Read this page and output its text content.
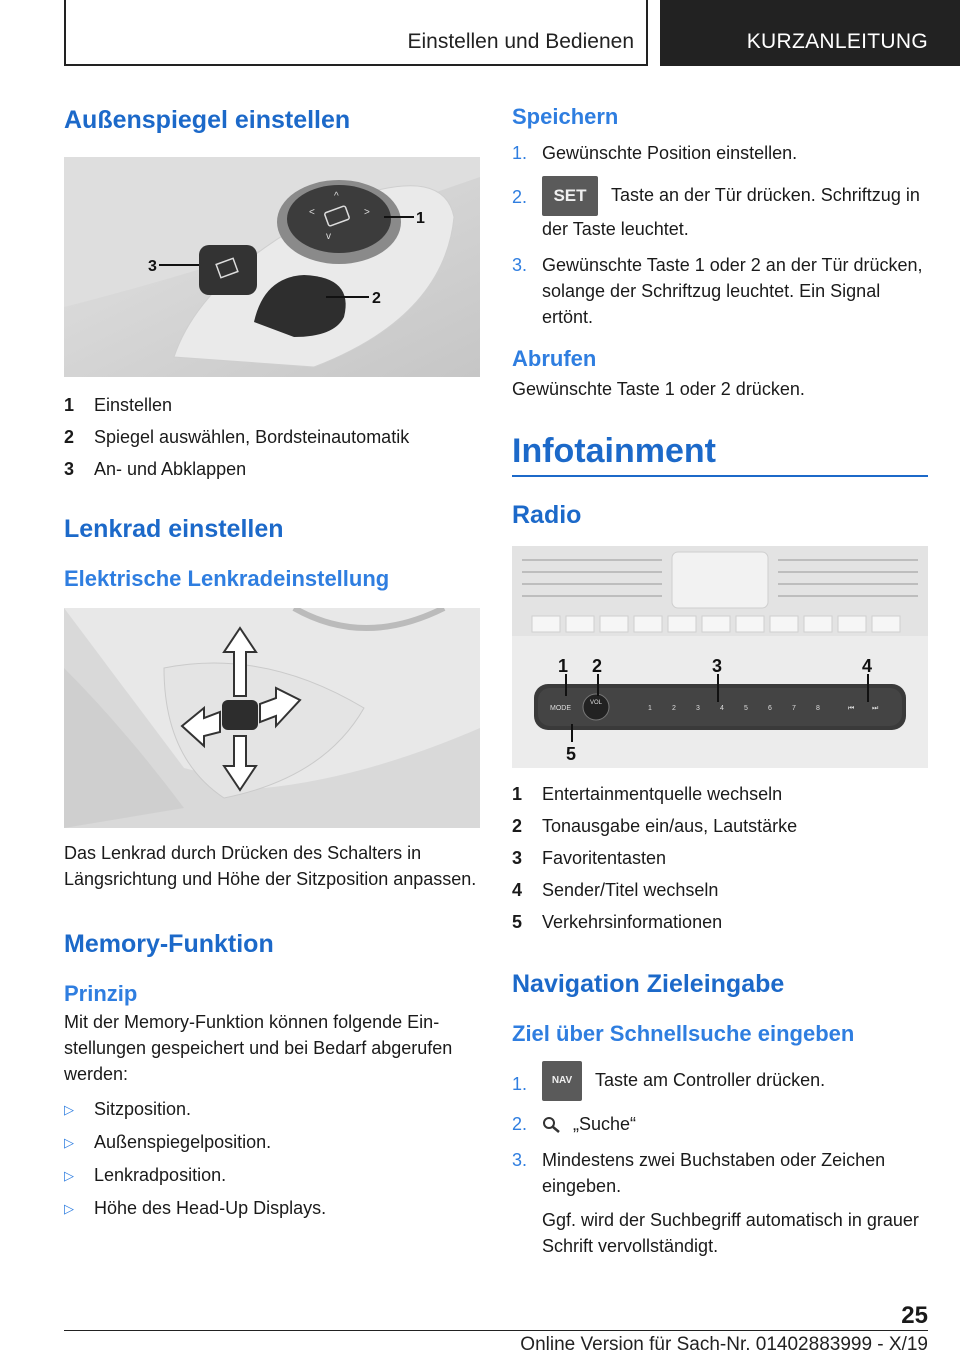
Einstellen und Bedienen	KURZANLEITUNG
Außenspiegel einstellen
^
<	>
v
1
2
3
1	Einstellen
2	Spiegel auswählen, Bordsteinautomatik
3	An- und Abklappen
Lenkrad einstellen
Elektrische Lenkradeinstellung
Das Lenkrad durch Drücken des Schalters in Längsrichtung und Höhe der Sitzposition anpassen.
Memory-Funktion
Prinzip
Mit der Memory-Funktion können folgende Einstellungen gespeichert und bei Bedarf abgerufen werden:
▷	Sitzposition.
▷	Außenspiegelposition.
▷	Lenkradposition.
▷	Höhe des Head-Up Displays.
Speichern
1. Gewünschte Position einstellen.
2.	SET Taste an der Tür drücken. Schriftzug in der Taste leuchtet.
3. Gewünschte Taste 1 oder 2 an der Tür drücken, solange der Schriftzug leuchtet. Ein Signal ertönt.
Abrufen
Gewünschte Taste 1 oder 2 drücken.
Infotainment
Radio
MODE
VOL
1	2	3	4	5	6	7	8	⏮	⏭
1 2	3	4
5
1	Entertainmentquelle wechseln
2	Tonausgabe ein/aus, Lautstärke
3	Favoritentasten
4	Sender/Titel wechseln
5	Verkehrsinformationen
Navigation Zieleingabe
Ziel über Schnellsuche eingeben
1.	NAV Taste am Controller drücken.
2.	„Suche“
3. Mindestens zwei Buchstaben oder Zeichen eingeben.
Ggf. wird der Suchbegriff automatisch in grauer Schrift vervollständigt.
25
Online Version für Sach-Nr. 01402883999 - X/19
